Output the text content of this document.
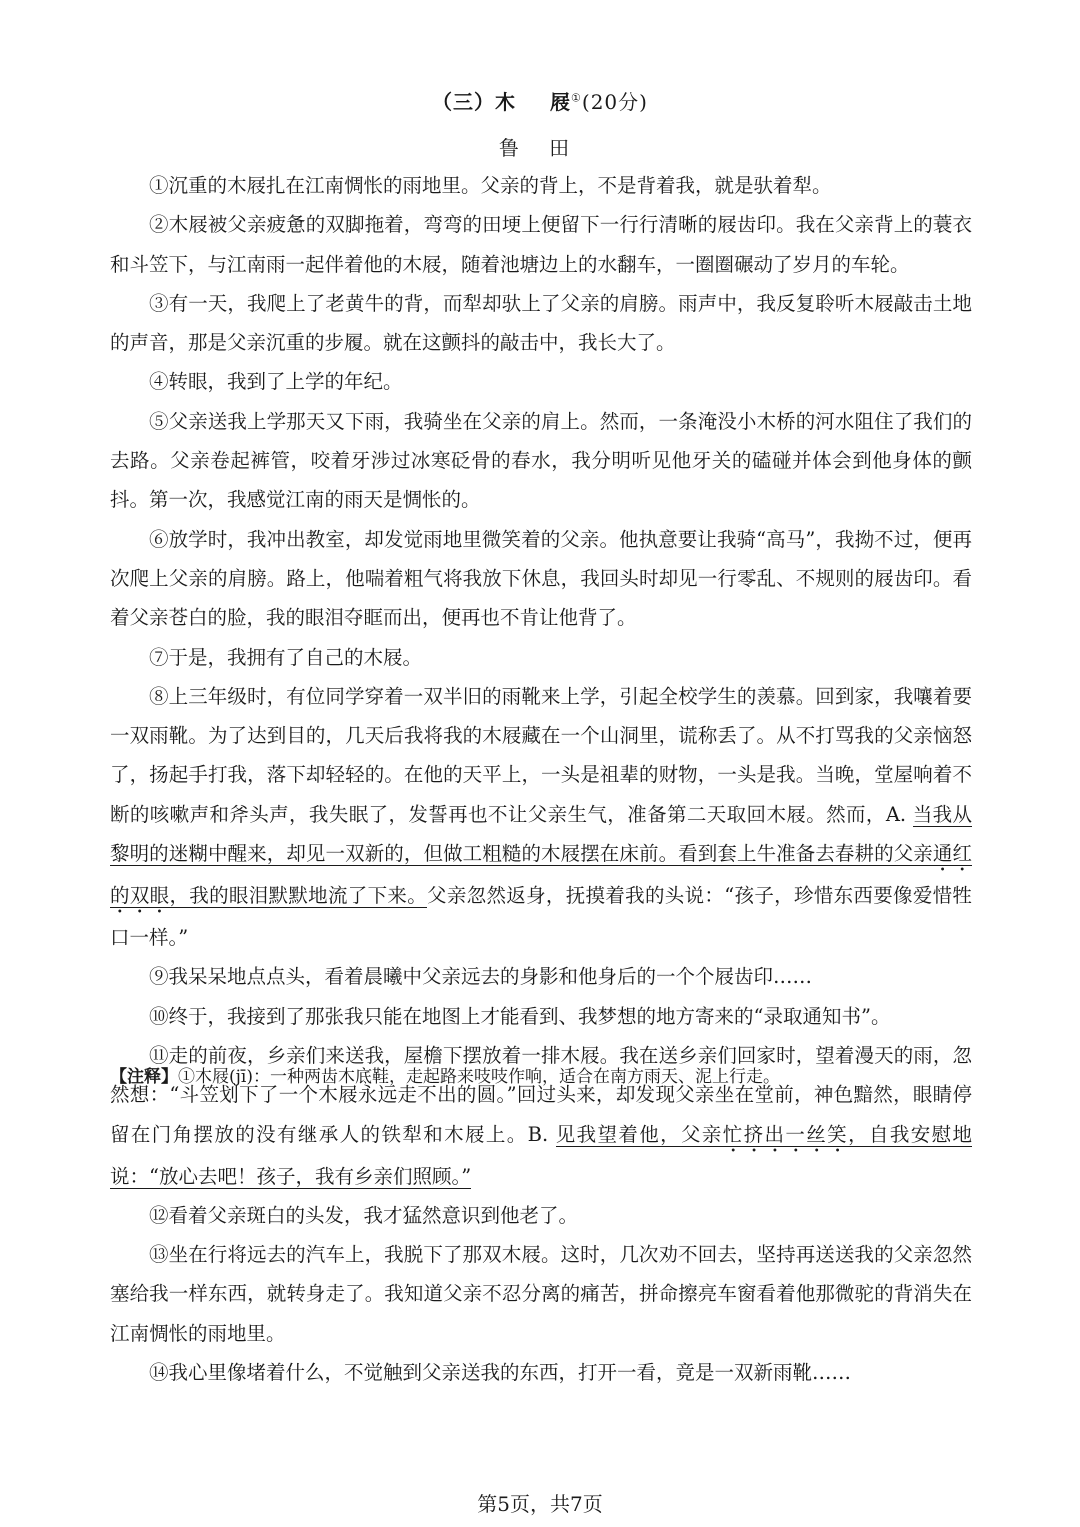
（三）木 屐①(20分)
鲁 田

①沉重的木屐扎在江南惆怅的雨地里。父亲的背上，不是背着我，就是驮着犁。

②木屐被父亲疲惫的双脚拖着，弯弯的田埂上便留下一行行清晰的屐齿印。我在父亲背上的蓑衣和斗笠下，与江南雨一起伴着他的木屐，随着池塘边上的水翻车，一圈圈碾动了岁月的车轮。

③有一天，我爬上了老黄牛的背，而犁却驮上了父亲的肩膀。雨声中，我反复聆听木屐敲击土地的声音，那是父亲沉重的步履。就在这颤抖的敲击中，我长大了。

④转眼，我到了上学的年纪。

⑤父亲送我上学那天又下雨，我骑坐在父亲的肩上。然而，一条淹没小木桥的河水阻住了我们的去路。父亲卷起裤管，咬着牙涉过冰寒砭骨的春水，我分明听见他牙关的磕碰并体会到他身体的颤抖。第一次，我感觉江南的雨天是惆怅的。

⑥放学时，我冲出教室，却发觉雨地里微笑着的父亲。他执意要让我骑“高马”，我拗不过，便再次爬上父亲的肩膀。路上，他喘着粗气将我放下休息，我回头时却见一行零乱、不规则的屐齿印。看着父亲苍白的脸，我的眼泪夺眶而出，便再也不肯让他背了。

⑦于是，我拥有了自己的木屐。

⑧上三年级时，有位同学穿着一双半旧的雨靴来上学，引起全校学生的羡慕。回到家，我嚷着要一双雨靴。为了达到目的，几天后我将我的木屐藏在一个山洞里，谎称丢了。从不打骂我的父亲恼怒了，扬起手打我，落下却轻轻的。在他的天平上，一头是祖辈的财物，一头是我。当晚，堂屋响着不断的咳嗽声和斧头声，我失眠了，发誓再也不让父亲生气，准备第二天取回木屐。然而，A. 当我从黎明的迷糊中醒来，却见一双新的，但做工粗糙的木屐摆在床前。看到套上牛准备去春耕的父亲通红的双眼，我的眼泪默默地流了下来。父亲忽然返身，抚摸着我的头说：“孩子，珍惜东西要像爱惜牲口一样。”

⑨我呆呆地点点头，看着晨曦中父亲远去的身影和他身后的一个个屐齿印……

⑩终于，我接到了那张我只能在地图上才能看到、我梦想的地方寄来的“录取通知书”。

⑪走的前夜，乡亲们来送我，屋檐下摆放着一排木屐。我在送乡亲们回家时，望着漫天的雨，忽然想：“斗笠划下了一个木屐永远走不出的圆。”回过头来，却发现父亲坐在堂前，神色黯然，眼睛停留在门角摆放的没有继承人的铁犁和木屐上。B. 见我望着他，父亲忙挤出一丝笑，自我安慰地说：“放心去吧！孩子，我有乡亲们照顾。”

⑫看着父亲斑白的头发，我才猛然意识到他老了。

⑬坐在行将远去的汽车上，我脱下了那双木屐。这时，几次劝不回去，坚持再送送我的父亲忽然塞给我一样东西，就转身走了。我知道父亲不忍分离的痛苦，拼命擦亮车窗看着他那微驼的背消失在江南惆怅的雨地里。

⑭我心里像堵着什么，不觉触到父亲送我的东西，打开一看，竟是一双新雨靴……

【注释】①木屐(jī)：一种两齿木底鞋，走起路来吱吱作响，适合在南方雨天、泥上行走。
第5页，共7页
